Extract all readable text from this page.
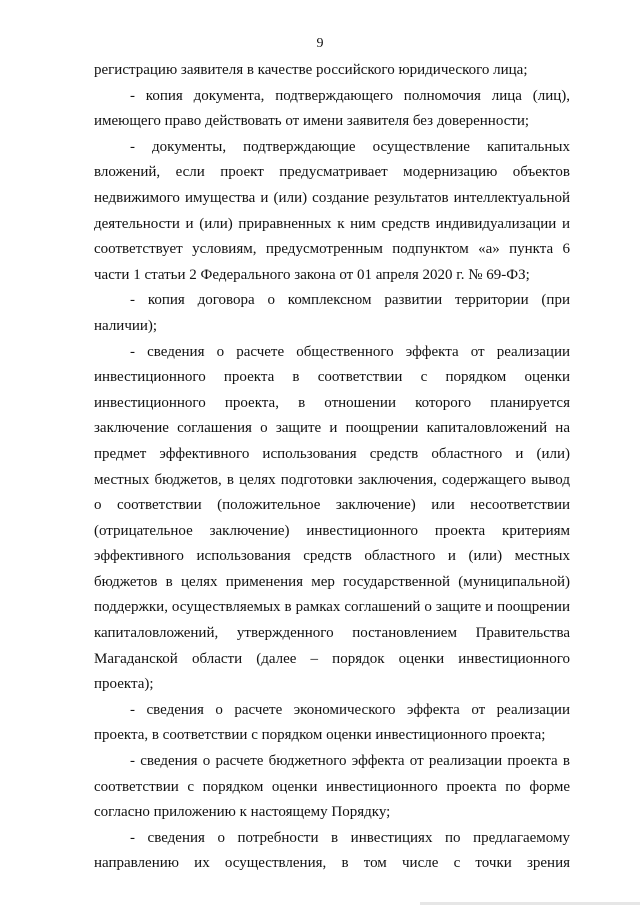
9

регистрацию заявителя в качестве российского юридического лица;

- копия документа, подтверждающего полномочия лица (лиц), имеющего право действовать от имени заявителя без доверенности;

- документы, подтверждающие осуществление капитальных вложений, если проект предусматривает модернизацию объектов недвижимого имущества и (или) создание результатов интеллектуальной деятельности и (или) приравненных к ним средств индивидуализации и соответствует условиям, предусмотренным подпунктом «а» пункта 6 части 1 статьи 2 Федерального закона от 01 апреля 2020 г. № 69-ФЗ;

- копия договора о комплексном развитии территории (при наличии);

- сведения о расчете общественного эффекта от реализации инвестиционного проекта в соответствии с порядком оценки инвестиционного проекта, в отношении которого планируется заключение соглашения о защите и поощрении капиталовложений на предмет эффективного использования средств областного и (или) местных бюджетов, в целях подготовки заключения, содержащего вывод о соответствии (положительное заключение) или несоответствии (отрицательное заключение) инвестиционного проекта критериям эффективного использования средств областного и (или) местных бюджетов в целях применения мер государственной (муниципальной) поддержки, осуществляемых в рамках соглашений о защите и поощрении капиталовложений, утвержденного постановлением Правительства Магаданской области (далее – порядок оценки инвестиционного проекта);

- сведения о расчете экономического эффекта от реализации проекта, в соответствии с порядком оценки инвестиционного проекта;

- сведения о расчете бюджетного эффекта от реализации проекта в соответствии с порядком оценки инвестиционного проекта по форме согласно приложению к настоящему Порядку;

- сведения о потребности в инвестициях по предлагаемому направлению их осуществления, в том числе с точки зрения
